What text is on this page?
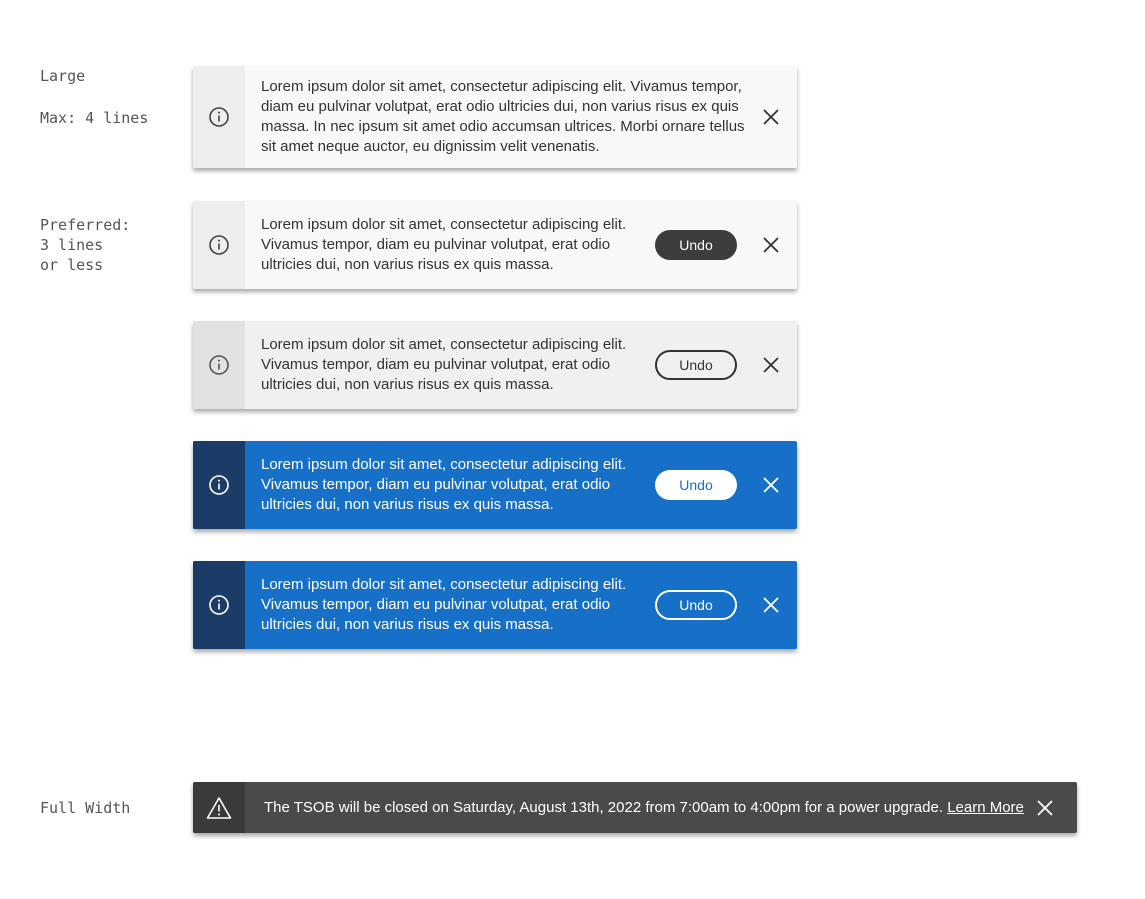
Large
Max: 4 lines
Preferred:
3 lines
or less
Full Width
Lorem ipsum dolor sit amet, consectetur adipiscing elit. Vivamus tempor, diam eu pulvinar volutpat, erat odio ultricies dui, non varius risus ex quis massa. In nec ipsum sit amet odio accumsan ultrices. Morbi ornare tellus sit amet neque auctor, eu dignissim velit venenatis.
Lorem ipsum dolor sit amet, consectetur adipiscing elit. Vivamus tempor, diam eu pulvinar volutpat, erat odio ultricies dui, non varius risus ex quis massa.
Undo
Lorem ipsum dolor sit amet, consectetur adipiscing elit. Vivamus tempor, diam eu pulvinar volutpat, erat odio ultricies dui, non varius risus ex quis massa.
Undo
Lorem ipsum dolor sit amet, consectetur adipiscing elit. Vivamus tempor, diam eu pulvinar volutpat, erat odio ultricies dui, non varius risus ex quis massa.
Undo
Lorem ipsum dolor sit amet, consectetur adipiscing elit. Vivamus tempor, diam eu pulvinar volutpat, erat odio ultricies dui, non varius risus ex quis massa.
Undo
The TSOB will be closed on Saturday, August 13th, 2022 from 7:00am to 4:00pm for a power upgrade. Learn More
